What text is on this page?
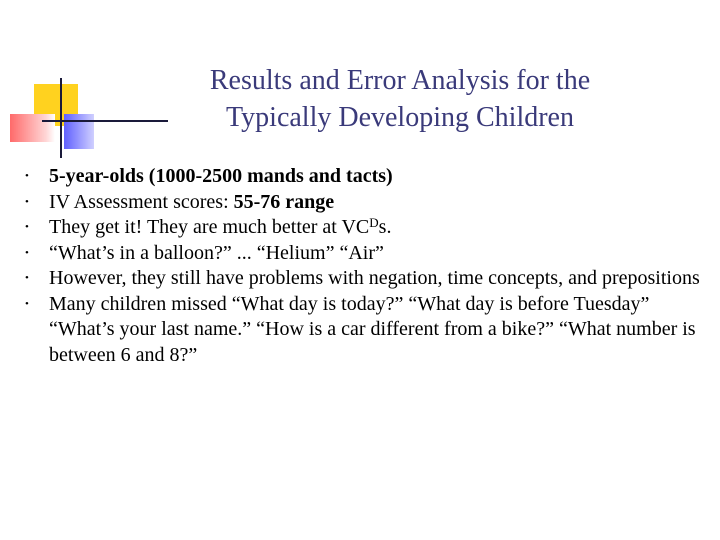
Results and Error Analysis for the
Typically Developing Children
• 5-year-olds (1000-2500 mands and tacts)
• IV Assessment scores: 55-76 range
• They get it! They are much better at $VC^Ds$.
• “What’s in a balloon?” ... “Helium” “Air”
• However, they still have problems with negation, time concepts, and prepositions
• Many children missed “What day is today?” “What day is before Tuesday” “What’s your last name.” “How is a car different from a bike?” “What number is between 6 and 8?”
